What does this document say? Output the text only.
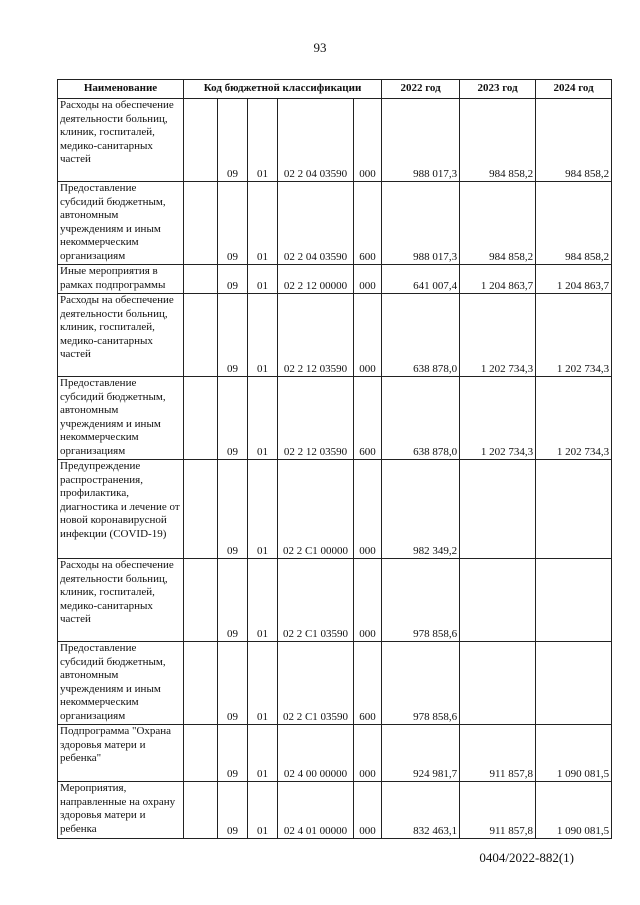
93
Наименование	Код бюджетной классификации					2022 год	2023 год	2024 год
Расходы на обеспечение деятельности больниц, клиник, госпиталей, медико-санитарных частей		09	01	02 2 04 03590	000	988 017,3	984 858,2	984 858,2
Предоставление субсидий бюджетным, автономным учреждениям и иным некоммерческим организациям		09	01	02 2 04 03590	600	988 017,3	984 858,2	984 858,2
Иные мероприятия в рамках подпрограммы		09	01	02 2 12 00000	000	641 007,4	1 204 863,7	1 204 863,7
Расходы на обеспечение деятельности больниц, клиник, госпиталей, медико-санитарных частей		09	01	02 2 12 03590	000	638 878,0	1 202 734,3	1 202 734,3
Предоставление субсидий бюджетным, автономным учреждениям и иным некоммерческим организациям		09	01	02 2 12 03590	600	638 878,0	1 202 734,3	1 202 734,3
Предупреждение распространения, профилактика, диагностика и лечение от новой коронавирусной инфекции (COVID-19)		09	01	02 2 С1 00000	000	982 349,2		
Расходы на обеспечение деятельности больниц, клиник, госпиталей, медико-санитарных частей		09	01	02 2 С1 03590	000	978 858,6		
Предоставление субсидий бюджетным, автономным учреждениям и иным некоммерческим организациям		09	01	02 2 С1 03590	600	978 858,6		
Подпрограмма "Охрана здоровья матери и ребенка"		09	01	02 4 00 00000	000	924 981,7	911 857,8	1 090 081,5
Мероприятия, направленные на охрану здоровья матери и ребенка		09	01	02 4 01 00000	000	832 463,1	911 857,8	1 090 081,5
0404/2022-882(1)
